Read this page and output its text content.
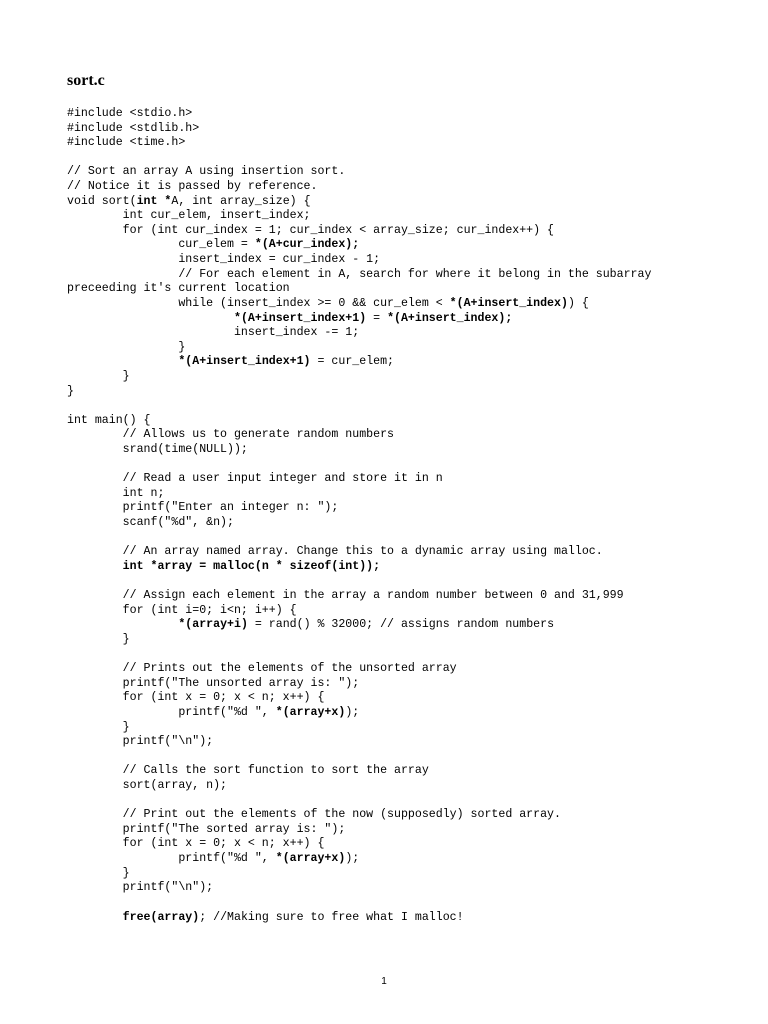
sort.c
#include <stdio.h>
#include <stdlib.h>
#include <time.h>
// Sort an array A using insertion sort.
// Notice it is passed by reference.
void sort(int *A, int array_size) {
int cur_elem, insert_index;
for (int cur_index = 1; cur_index < array_size; cur_index++) {
cur_elem = *(A+cur_index);
insert_index = cur_index - 1;
// For each element in A, search for where it belong in the subarray
preceeding it's current location
while (insert_index >= 0 && cur_elem < *(A+insert_index)) {
*(A+insert_index+1) = *(A+insert_index);
insert_index -= 1;
}
*(A+insert_index+1) = cur_elem;
}
}
int main() {
// Allows us to generate random numbers
srand(time(NULL));
// Read a user input integer and store it in n
int n;
printf("Enter an integer n: ");
scanf("%d", &n);
// An array named array. Change this to a dynamic array using malloc.
int *array = malloc(n * sizeof(int));
// Assign each element in the array a random number between 0 and 31,999
for (int i=0; i<n; i++) {
*(array+i) = rand() % 32000; // assigns random numbers
}
// Prints out the elements of the unsorted array
printf("The unsorted array is: ");
for (int x = 0; x < n; x++) {
printf("%d ", *(array+x));
}
printf("\n");
// Calls the sort function to sort the array
sort(array, n);
// Print out the elements of the now (supposedly) sorted array.
printf("The sorted array is: ");
for (int x = 0; x < n; x++) {
printf("%d ", *(array+x));
}
printf("\n");
free(array); //Making sure to free what I malloc!
1
